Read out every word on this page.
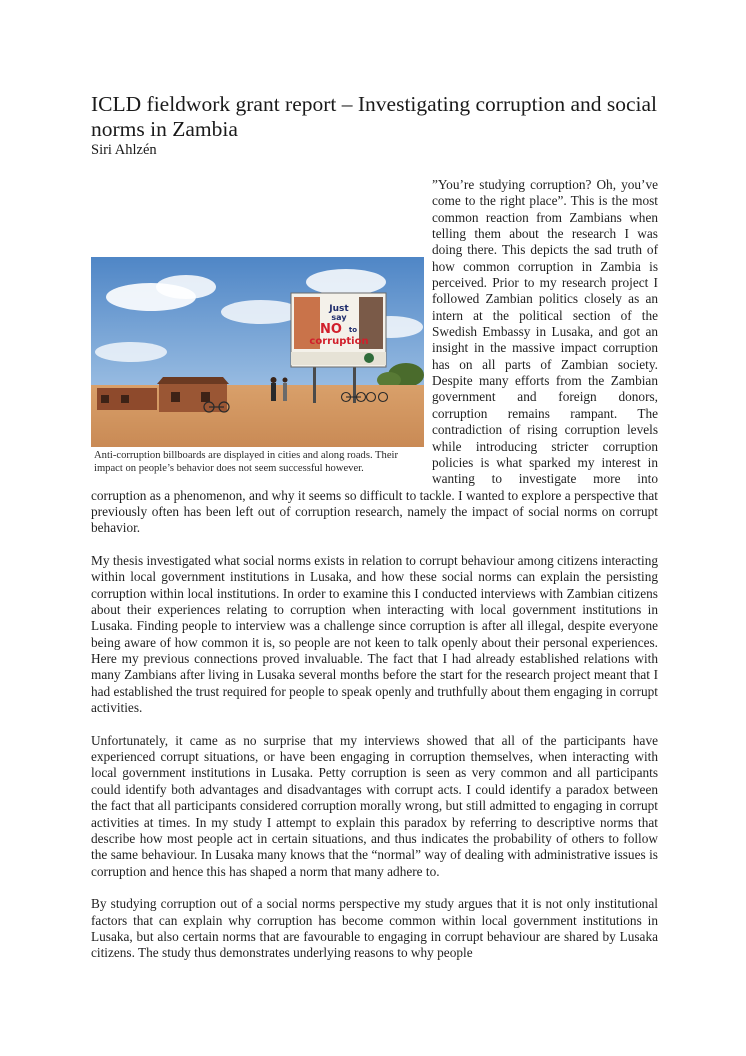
ICLD fieldwork grant report – Investigating corruption and social norms in Zambia
Siri Ahlzén
Just
say
NO to
corruption
Anti-corruption billboards are displayed in cities and along roads. Their impact on people’s behavior does not seem successful however.

”You’re studying corruption? Oh, you’ve come to the right place”. This is the most common reaction from Zambians when telling them about the research I was doing there. This depicts the sad truth of how common corruption in Zambia is perceived. Prior to my research project I followed Zambian politics closely as an intern at the political section of the Swedish Embassy in Lusaka, and got an insight in the massive impact corruption has on all parts of Zambian society. Despite many efforts from the Zambian government and foreign donors, corruption remains rampant. The contradiction of rising corruption levels while introducing stricter corruption policies is what sparked my interest in wanting to investigate more into corruption as a phenomenon, and why it seems so difficult to tackle. I wanted to explore a perspective that previously often has been left out of corruption research, namely the impact of social norms on corrupt behavior.

My thesis investigated what social norms exists in relation to corrupt behaviour among citizens interacting within local government institutions in Lusaka, and how these social norms can explain the persisting corruption within local institutions. In order to examine this I conducted interviews with Zambian citizens about their experiences relating to corruption when interacting with local government institutions in Lusaka. Finding people to interview was a challenge since corruption is after all illegal, despite everyone being aware of how common it is, so people are not keen to talk openly about their personal experiences. Here my previous connections proved invaluable. The fact that I had already established relations with many Zambians after living in Lusaka several months before the start for the research project meant that I had established the trust required for people to speak openly and truthfully about them engaging in corrupt activities.

Unfortunately, it came as no surprise that my interviews showed that all of the participants have experienced corrupt situations, or have been engaging in corruption themselves, when interacting with local government institutions in Lusaka. Petty corruption is seen as very common and all participants could identify both advantages and disadvantages with corrupt acts. I could identify a paradox between the fact that all participants considered corruption morally wrong, but still admitted to engaging in corrupt activities at times. In my study I attempt to explain this paradox by referring to descriptive norms that describe how most people act in certain situations, and thus indicates the probability of others to follow the same behaviour. In Lusaka many knows that the “normal” way of dealing with administrative issues is corruption and hence this has shaped a norm that many adhere to.

By studying corruption out of a social norms perspective my study argues that it is not only institutional factors that can explain why corruption has become common within local government institutions in Lusaka, but also certain norms that are favourable to engaging in corrupt behaviour are shared by Lusaka citizens. The study thus demonstrates underlying reasons to why people
